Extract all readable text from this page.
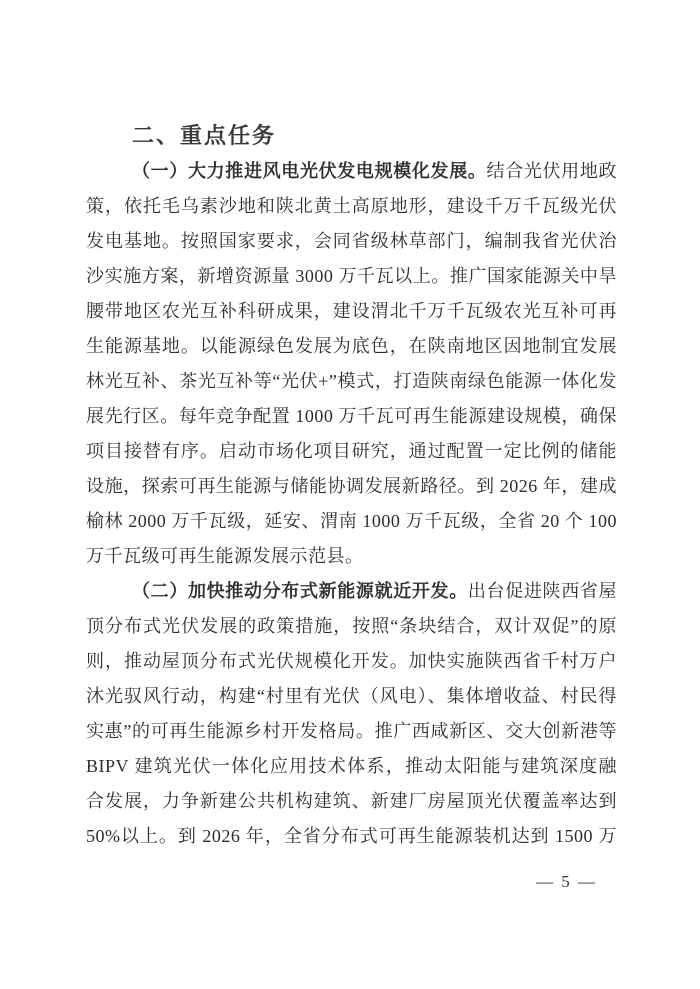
二、重点任务
（一）大力推进风电光伏发电规模化发展。结合光伏用地政
策，依托毛乌素沙地和陕北黄土高原地形，建设千万千瓦级光伏
发电基地。按照国家要求，会同省级林草部门，编制我省光伏治
沙实施方案，新增资源量 3000 万千瓦以上。推广国家能源关中旱
腰带地区农光互补科研成果，建设渭北千万千瓦级农光互补可再
生能源基地。以能源绿色发展为底色，在陕南地区因地制宜发展
林光互补、茶光互补等“光伏+”模式，打造陕南绿色能源一体化发
展先行区。每年竞争配置 1000 万千瓦可再生能源建设规模，确保
项目接替有序。启动市场化项目研究，通过配置一定比例的储能
设施，探索可再生能源与储能协调发展新路径。到 2026 年，建成
榆林 2000 万千瓦级，延安、渭南 1000 万千瓦级，全省 20 个 100
万千瓦级可再生能源发展示范县。
（二）加快推动分布式新能源就近开发。出台促进陕西省屋
顶分布式光伏发展的政策措施，按照“条块结合，双计双促”的原
则，推动屋顶分布式光伏规模化开发。加快实施陕西省千村万户
沐光驭风行动，构建“村里有光伏（风电）、集体增收益、村民得
实惠”的可再生能源乡村开发格局。推广西咸新区、交大创新港等
BIPV 建筑光伏一体化应用技术体系，推动太阳能与建筑深度融
合发展，力争新建公共机构建筑、新建厂房屋顶光伏覆盖率达到
50%以上。到 2026 年，全省分布式可再生能源装机达到 1500 万
— 5 —
